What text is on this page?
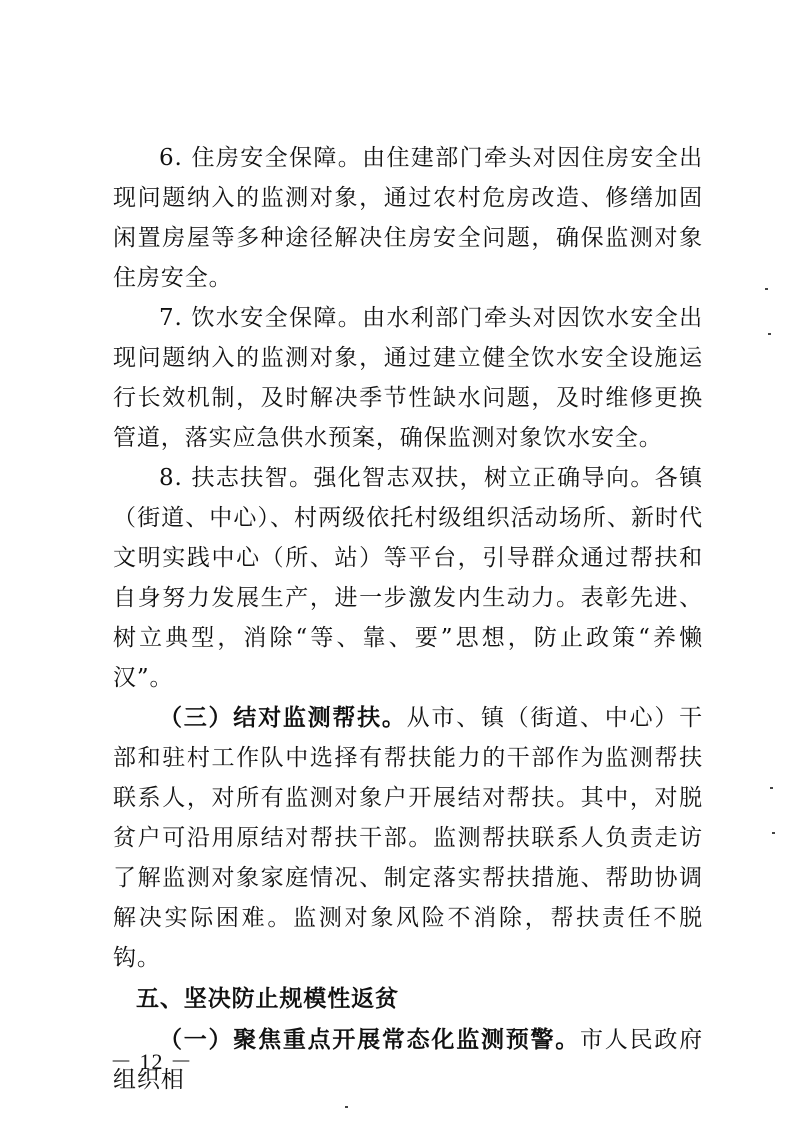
6. 住房安全保障。由住建部门牵头对因住房安全出现问题纳入的监测对象，通过农村危房改造、修缮加固闲置房屋等多种途径解决住房安全问题，确保监测对象住房安全。

7. 饮水安全保障。由水利部门牵头对因饮水安全出现问题纳入的监测对象，通过建立健全饮水安全设施运行长效机制，及时解决季节性缺水问题，及时维修更换管道，落实应急供水预案，确保监测对象饮水安全。

8. 扶志扶智。强化智志双扶，树立正确导向。各镇（街道、中心）、村两级依托村级组织活动场所、新时代文明实践中心（所、站）等平台，引导群众通过帮扶和自身努力发展生产，进一步激发内生动力。表彰先进、树立典型，消除“等、靠、要”思想，防止政策“养懒汉”。

（三）结对监测帮扶。从市、镇（街道、中心）干部和驻村工作队中选择有帮扶能力的干部作为监测帮扶联系人，对所有监测对象户开展结对帮扶。其中，对脱贫户可沿用原结对帮扶干部。监测帮扶联系人负责走访了解监测对象家庭情况、制定落实帮扶措施、帮助协调解决实际困难。监测对象风险不消除，帮扶责任不脱钩。

五、坚决防止规模性返贫

（一）聚焦重点开展常态化监测预警。市人民政府组织相

－ 12 －
